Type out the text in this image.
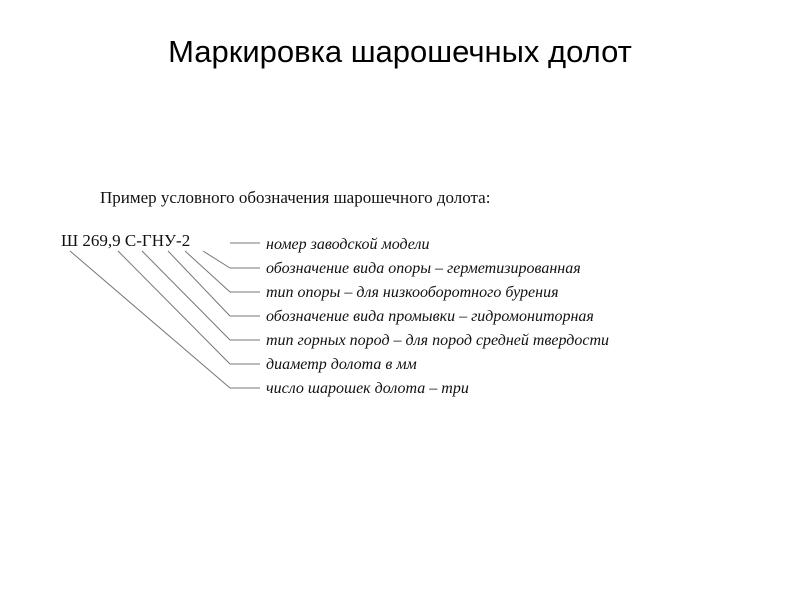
Маркировка шарошечных долот
Пример условного обозначения шарошечного долота:
Ш 269,9 С-ГНУ-2	номер заводской модели
обозначение вида опоры – герметизированная
тип опоры – для низкооборотного бурения
обозначение вида промывки – гидромониторная
тип горных пород – для пород средней твердости
диаметр долота в мм
число шарошек долота – три
